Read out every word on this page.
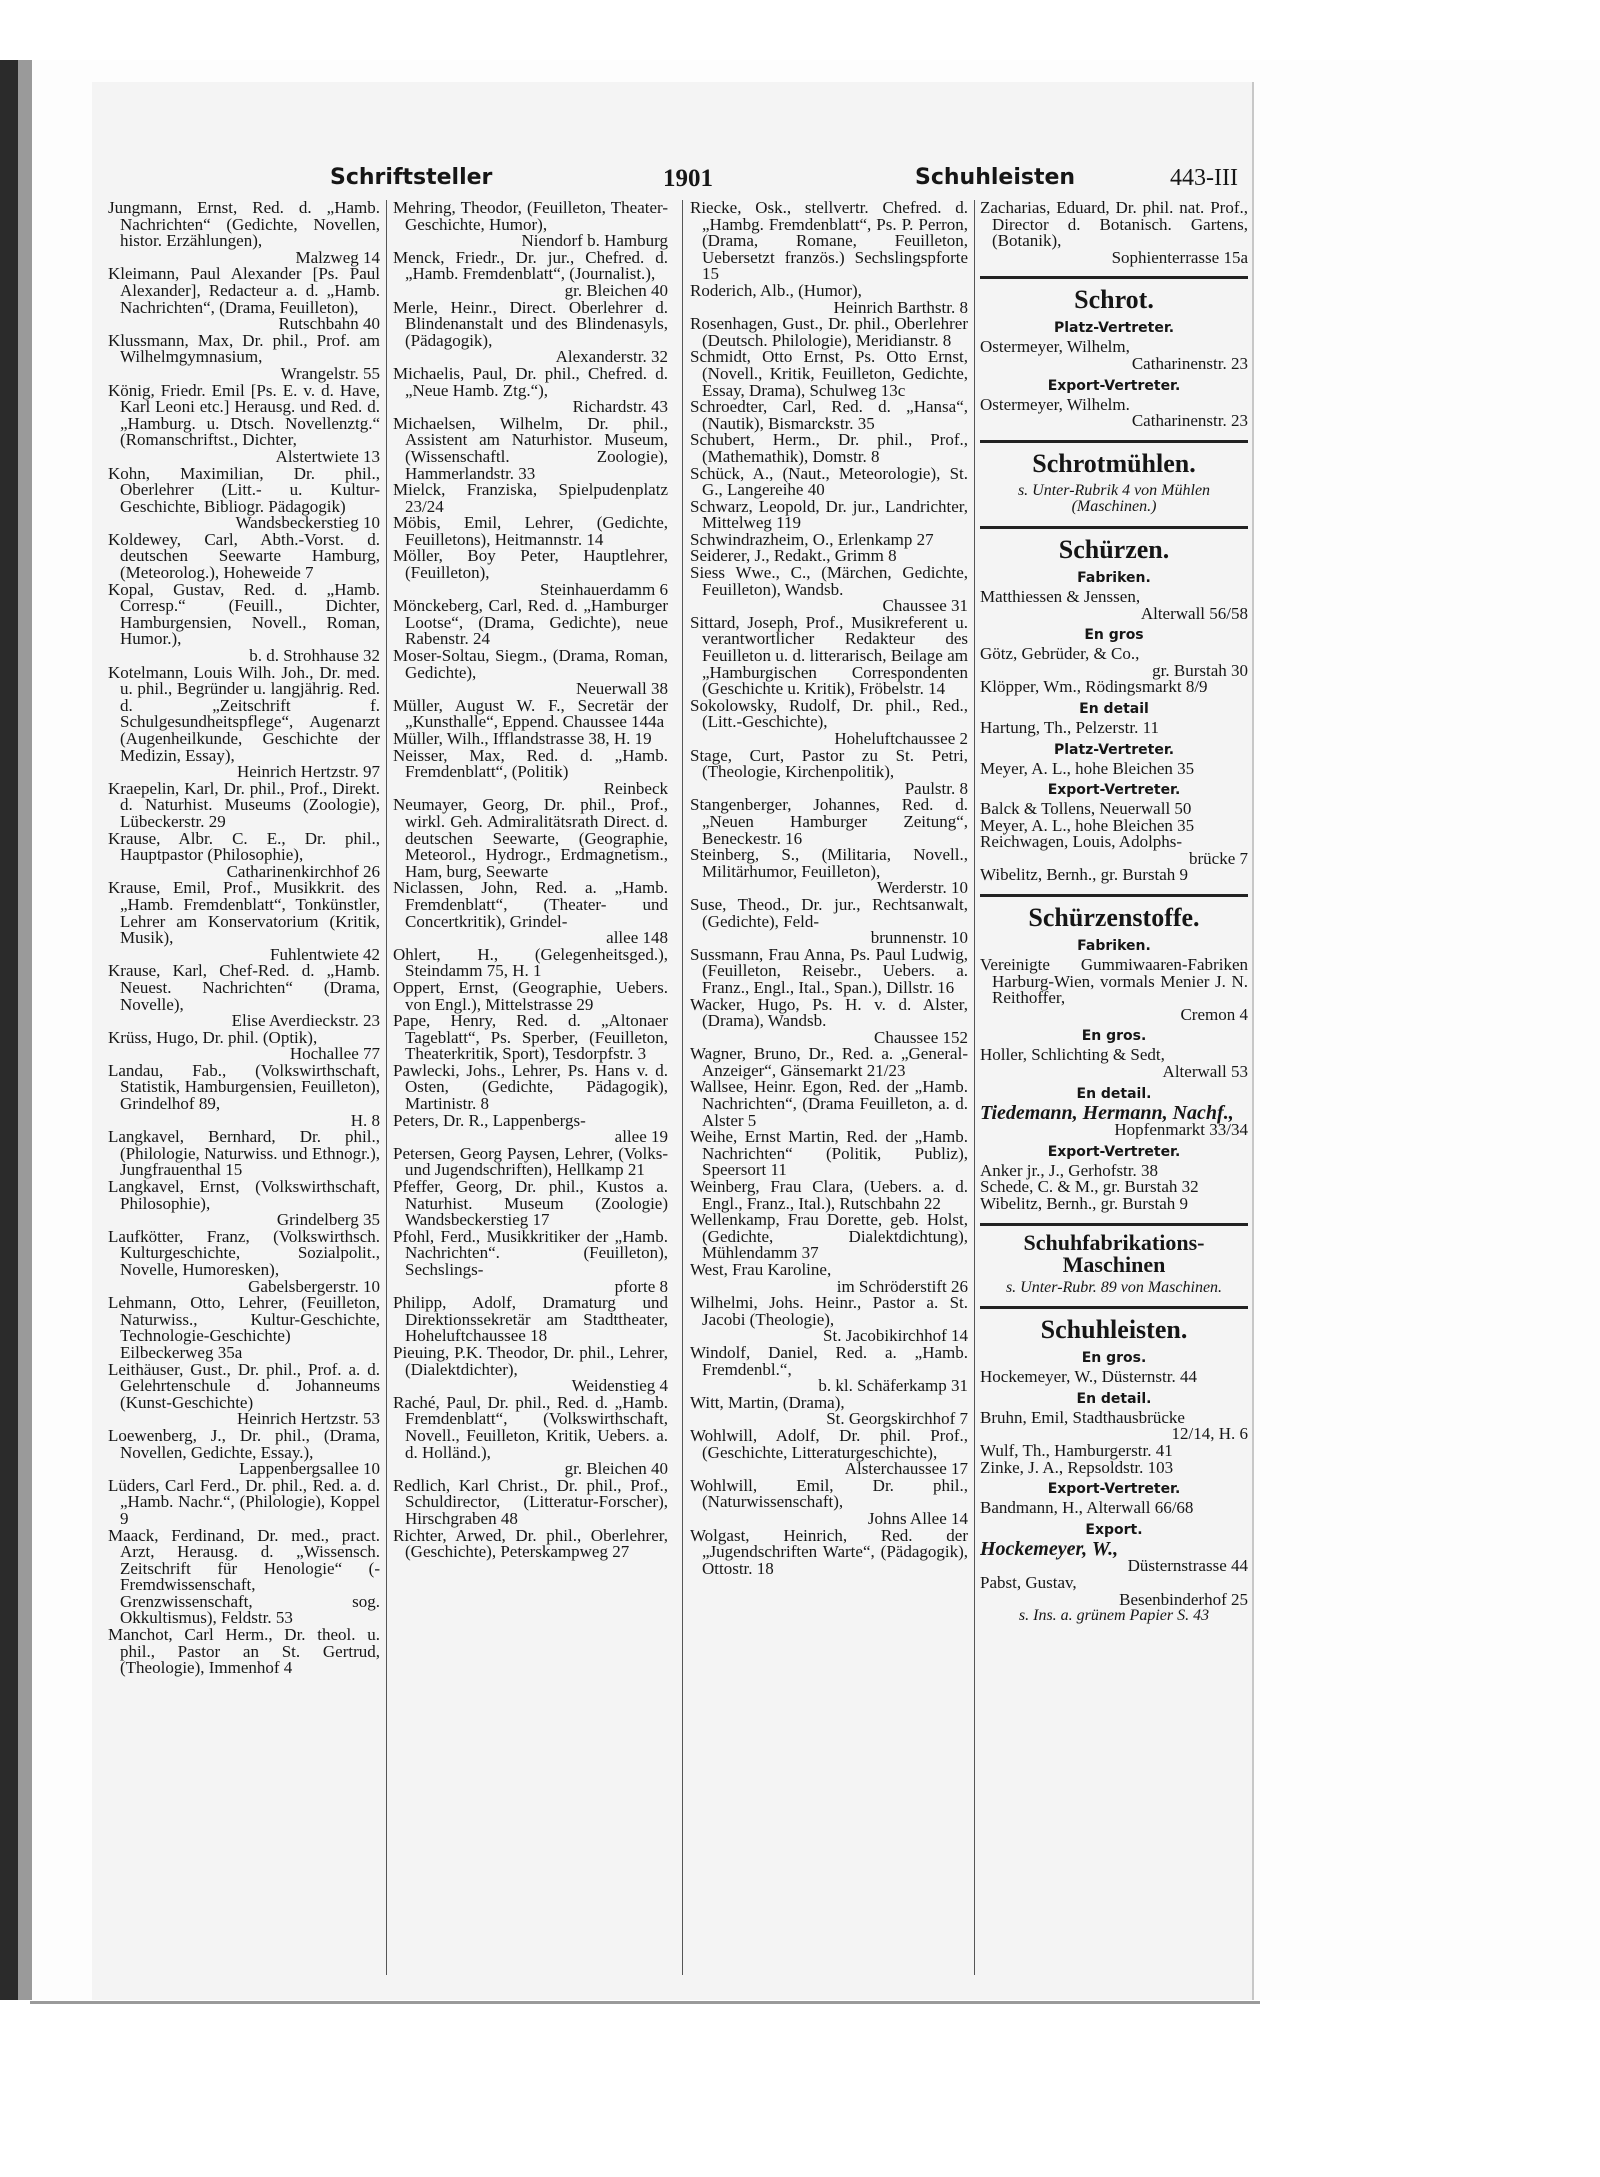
Schriftsteller	1901	Schuhleisten	443-III

Jungmann, Ernst, Red. d. „Hamb. Nachrichten“ (Gedichte, Novellen, histor. Erzählungen),
Malzweg 14

Kleimann, Paul Alexander [Ps. Paul Alexander], Redacteur a. d. „Hamb. Nachrichten“, (Drama, Feuilleton),
Rutschbahn 40

Klussmann, Max, Dr. phil., Prof. am Wilhelmgymnasium,
Wrangelstr. 55

König, Friedr. Emil [Ps. E. v. d. Have, Karl Leoni etc.] Herausg. und Red. d. „Hamburg. u. Dtsch. Novellenztg.“ (Romanschriftst., Dichter,
Alstertwiete 13

Kohn, Maximilian, Dr. phil., Oberlehrer (Litt.- u. Kultur-Geschichte, Bibliogr. Pädagogik)
Wandsbeckerstieg 10

Koldewey, Carl, Abth.-Vorst. d. deutschen Seewarte Hamburg, (Meteorolog.), Hoheweide 7

Kopal, Gustav, Red. d. „Hamb. Corresp.“ (Feuill., Dichter, Hamburgensien, Novell., Roman, Humor.),
b. d. Strohhause 32

Kotelmann, Louis Wilh. Joh., Dr. med. u. phil., Begründer u. langjährig. Red. d. „Zeitschrift f. Schulgesundheitspflege“, Augenarzt (Augenheilkunde, Geschichte der Medizin, Essay),
Heinrich Hertzstr. 97

Kraepelin, Karl, Dr. phil., Prof., Direkt. d. Naturhist. Museums (Zoologie), Lübeckerstr. 29

Krause, Albr. C. E., Dr. phil., Hauptpastor (Philosophie),
Catharinenkirchhof 26

Krause, Emil, Prof., Musikkrit. des „Hamb. Fremdenblatt“, Tonkünstler, Lehrer am Konservatorium (Kritik, Musik),
Fuhlentwiete 42

Krause, Karl, Chef-Red. d. „Hamb. Neuest. Nachrichten“ (Drama, Novelle),
Elise Averdieckstr. 23

Krüss, Hugo, Dr. phil. (Optik),
Hochallee 77

Landau, Fab., (Volkswirthschaft, Statistik, Hamburgensien, Feuilleton), Grindelhof 89,
H. 8

Langkavel, Bernhard, Dr. phil., (Philologie, Naturwiss. und Ethnogr.), Jungfrauenthal 15

Langkavel, Ernst, (Volkswirthschaft, Philosophie),
Grindelberg 35

Laufkötter, Franz, (Volkswirthsch. Kulturgeschichte, Sozialpolit., Novelle, Humoresken),
Gabelsbergerstr. 10

Lehmann, Otto, Lehrer, (Feuilleton, Naturwiss., Kultur-Geschichte, Technologie-Geschichte) Eilbeckerweg 35a

Leithäuser, Gust., Dr. phil., Prof. a. d. Gelehrtenschule d. Johanneums (Kunst-Geschichte)
Heinrich Hertzstr. 53

Loewenberg, J., Dr. phil., (Drama, Novellen, Gedichte, Essay.),
Lappenbergsallee 10

Lüders, Carl Ferd., Dr. phil., Red. a. d. „Hamb. Nachr.“, (Philologie), Koppel 9

Maack, Ferdinand, Dr. med., pract. Arzt, Herausg. d. „Wissensch. Zeitschrift für Henologie“ (-Fremdwissenschaft, Grenzwissenschaft, sog. Okkultismus), Feldstr. 53

Manchot, Carl Herm., Dr. theol. u. phil., Pastor an St. Gertrud, (Theologie), Immenhof 4

Mehring, Theodor, (Feuilleton, Theater-Geschichte, Humor),
Niendorf b. Hamburg

Menck, Friedr., Dr. jur., Chefred. d. „Hamb. Fremdenblatt“, (Journalist.),
gr. Bleichen 40

Merle, Heinr., Direct. Oberlehrer d. Blindenanstalt und des Blindenasyls, (Pädagogik),
Alexanderstr. 32

Michaelis, Paul, Dr. phil., Chefred. d. „Neue Hamb. Ztg.“),
Richardstr. 43

Michaelsen, Wilhelm, Dr. phil., Assistent am Naturhistor. Museum, (Wissenschaftl. Zoologie), Hammerlandstr. 33

Mielck, Franziska, Spielpudenplatz 23/24

Möbis, Emil, Lehrer, (Gedichte, Feuilletons), Heitmannstr. 14

Möller, Boy Peter, Hauptlehrer, (Feuilleton),
Steinhauerdamm 6

Mönckeberg, Carl, Red. d. „Hamburger Lootse“, (Drama, Gedichte), neue Rabenstr. 24

Moser-Soltau, Siegm., (Drama, Roman, Gedichte),
Neuerwall 38

Müller, August W. F., Secretär der „Kunsthalle“, Eppend. Chaussee 144a

Müller, Wilh., Ifflandstrasse 38, H. 19

Neisser, Max, Red. d. „Hamb. Fremdenblatt“, (Politik)
Reinbeck

Neumayer, Georg, Dr. phil., Prof., wirkl. Geh. Admiralitätsrath Direct. d. deutschen Seewarte, (Geographie, Meteorol., Hydrogr., Erdmagnetism., Ham, burg, Seewarte

Niclassen, John, Red. a. „Hamb. Fremdenblatt“, (Theater- und Concertkritik), Grindel-
allee 148

Ohlert, H., (Gelegenheitsged.), Steindamm 75, H. 1

Oppert, Ernst, (Geographie, Uebers. von Engl.), Mittelstrasse 29

Pape, Henry, Red. d. „Altonaer Tageblatt“, Ps. Sperber, (Feuilleton, Theaterkritik, Sport), Tesdorpfstr. 3

Pawlecki, Johs., Lehrer, Ps. Hans v. d. Osten, (Gedichte, Pädagogik), Martinistr. 8

Peters, Dr. R., Lappenbergs-
allee 19

Petersen, Georg Paysen, Lehrer, (Volks- und Jugendschriften), Hellkamp 21

Pfeffer, Georg, Dr. phil., Kustos a. Naturhist. Museum (Zoologie) Wandsbeckerstieg 17

Pfohl, Ferd., Musikkritiker der „Hamb. Nachrichten“. (Feuilleton), Sechslings-
pforte 8

Philipp, Adolf, Dramaturg und Direktionssekretär am Stadttheater, Hoheluftchaussee 18

Pieuing, P.K. Theodor, Dr. phil., Lehrer, (Dialektdichter),
Weidenstieg 4

Raché, Paul, Dr. phil., Red. d. „Hamb. Fremdenblatt“, (Volkswirthschaft, Novell., Feuilleton, Kritik, Uebers. a. d. Holländ.),
gr. Bleichen 40

Redlich, Karl Christ., Dr. phil., Prof., Schuldirector, (Litteratur-Forscher), Hirschgraben 48

Richter, Arwed, Dr. phil., Oberlehrer, (Geschichte), Peterskampweg 27

Riecke, Osk., stellvertr. Chefred. d. „Hambg. Fremdenblatt“, Ps. P. Perron, (Drama, Romane, Feuilleton, Uebersetzt französ.) Sechslingspforte 15

Roderich, Alb., (Humor),
Heinrich Barthstr. 8

Rosenhagen, Gust., Dr. phil., Oberlehrer (Deutsch. Philologie), Meridianstr. 8

Schmidt, Otto Ernst, Ps. Otto Ernst, (Novell., Kritik, Feuilleton, Gedichte, Essay, Drama), Schulweg 13c

Schroedter, Carl, Red. d. „Hansa“, (Nautik), Bismarckstr. 35

Schubert, Herm., Dr. phil., Prof., (Mathemathik), Domstr. 8

Schück, A., (Naut., Meteorologie), St. G., Langereihe 40

Schwarz, Leopold, Dr. jur., Landrichter, Mittelweg 119

Schwindrazheim, O., Erlenkamp 27

Seiderer, J., Redakt., Grimm 8

Siess Wwe., C., (Märchen, Gedichte, Feuilleton), Wandsb.
Chaussee 31

Sittard, Joseph, Prof., Musikreferent u. verantwortlicher Redakteur des Feuilleton u. d. litterarisch, Beilage am „Hamburgischen Correspondenten (Geschichte u. Kritik), Fröbelstr. 14

Sokolowsky, Rudolf, Dr. phil., Red., (Litt.-Geschichte),
Hoheluftchaussee 2

Stage, Curt, Pastor zu St. Petri, (Theologie, Kirchenpolitik),
Paulstr. 8

Stangenberger, Johannes, Red. d. „Neuen Hamburger Zeitung“, Beneckestr. 16

Steinberg, S., (Militaria, Novell., Militärhumor, Feuilleton),
Werderstr. 10

Suse, Theod., Dr. jur., Rechtsanwalt, (Gedichte), Feld-
brunnenstr. 10

Sussmann, Frau Anna, Ps. Paul Ludwig, (Feuilleton, Reisebr., Uebers. a. Franz., Engl., Ital., Span.), Dillstr. 16

Wacker, Hugo, Ps. H. v. d. Alster, (Drama), Wandsb.
Chaussee 152

Wagner, Bruno, Dr., Red. a. „General-Anzeiger“, Gänsemarkt 21/23

Wallsee, Heinr. Egon, Red. der „Hamb. Nachrichten“, (Drama Feuilleton, a. d. Alster 5

Weihe, Ernst Martin, Red. der „Hamb. Nachrichten“ (Politik, Publiz), Speersort 11

Weinberg, Frau Clara, (Uebers. a. d. Engl., Franz., Ital.), Rutschbahn 22

Wellenkamp, Frau Dorette, geb. Holst, (Gedichte, Dialektdichtung), Mühlendamm 37

West, Frau Karoline,
im Schröderstift 26

Wilhelmi, Johs. Heinr., Pastor a. St. Jacobi (Theologie),
St. Jacobikirchhof 14

Windolf, Daniel, Red. a. „Hamb. Fremdenbl.“,
b. kl. Schäferkamp 31

Witt, Martin, (Drama),
St. Georgskirchhof 7

Wohlwill, Adolf, Dr. phil. Prof., (Geschichte, Litteraturgeschichte),
Alsterchaussee 17

Wohlwill, Emil, Dr. phil., (Naturwissenschaft),
Johns Allee 14

Wolgast, Heinrich, Red. der „Jugendschriften Warte“, (Pädagogik), Ottostr. 18

Zacharias, Eduard, Dr. phil. nat. Prof., Director d. Botanisch. Gartens, (Botanik),
Sophienterrasse 15a

Schrot.
Platz-Vertreter.

Ostermeyer, Wilhelm,
Catharinenstr. 23

Export-Vertreter.

Ostermeyer, Wilhelm.
Catharinenstr. 23

Schrotmühlen.
s. Unter-Rubrik 4 von Mühlen (Maschinen.)
Schürzen.
Fabriken.

Matthiessen & Jenssen,
Alterwall 56/58

En gros

Götz, Gebrüder, & Co.,
gr. Burstah 30

Klöpper, Wm., Rödingsmarkt 8/9

En detail

Hartung, Th., Pelzerstr. 11

Platz-Vertreter.

Meyer, A. L., hohe Bleichen 35

Export-Vertreter.

Balck & Tollens, Neuerwall 50

Meyer, A. L., hohe Bleichen 35

Reichwagen, Louis, Adolphs-
brücke 7

Wibelitz, Bernh., gr. Burstah 9

Schürzenstoffe.
Fabriken.

Vereinigte Gummiwaaren-Fabriken Harburg-Wien, vormals Menier J. N. Reithoffer,
Cremon 4

En gros.

Holler, Schlichting & Sedt,
Alterwall 53

En detail.

Tiedemann, Hermann, Nachf.,
Hopfenmarkt 33/34

Export-Vertreter.

Anker jr., J., Gerhofstr. 38

Schede, C. & M., gr. Burstah 32

Wibelitz, Bernh., gr. Burstah 9

Schuhfabrikations-Maschinen
s. Unter-Rubr. 89 von Maschinen.
Schuhleisten.
En gros.

Hockemeyer, W., Düsternstr. 44

En detail.

Bruhn, Emil, Stadthausbrücke
12/14, H. 6

Wulf, Th., Hamburgerstr. 41

Zinke, J. A., Repsoldstr. 103

Export-Vertreter.

Bandmann, H., Alterwall 66/68

Export.

Hockemeyer, W.,
Düsternstrasse 44

Pabst, Gustav,
Besenbinderhof 25

s. Ins. a. grünem Papier S. 43
